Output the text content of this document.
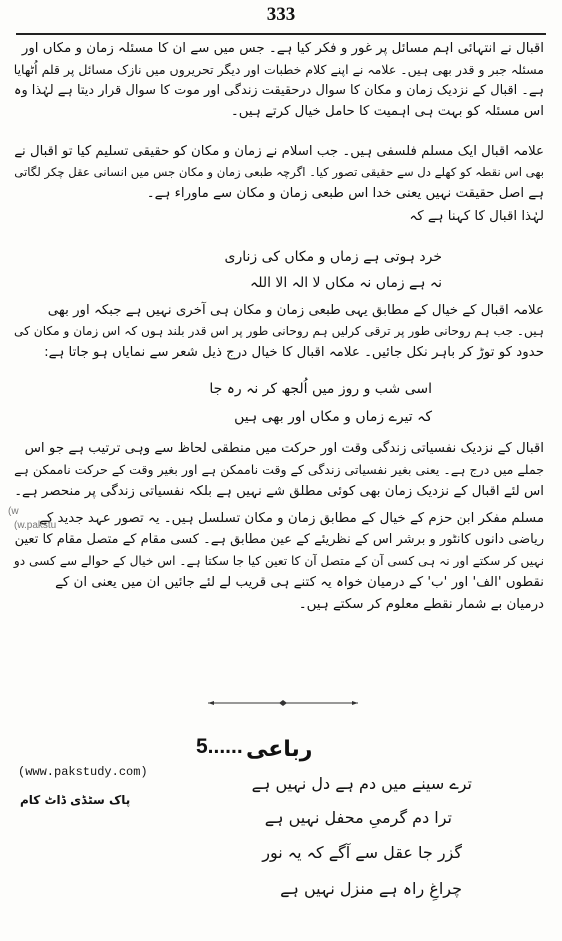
333
اقبال نے انتہائی اہم مسائل پر غور و فکر کیا ہے۔ جس میں سے ان کا مسئلہ زمان و مکاں اور
مسئلہ جبر و قدر بھی ہیں۔ علامہ نے اپنے کلام خطبات اور دیگر تحریروں میں نازک مسائل پر قلم اُٹھایا
ہے۔ اقبال کے نزدیک زمان و مکان کا سوال درحقیقت زندگی اور موت کا سوال قرار دیتا ہے لہٰذا وہ
اس مسئلہ کو بہت ہی اہمیت کا حامل خیال کرتے ہیں۔
علامہ اقبال ایک مسلم فلسفی ہیں۔ جب اسلام نے زمان و مکان کو حقیقی تسلیم کیا تو اقبال نے
بھی اس نقطہ کو کھلے دل سے حقیقی تصور کیا۔ اگرچہ طبعی زمان و مکان جس میں انسانی عقل چکر لگاتی
ہے اصل حقیقت نہیں یعنی خدا اس طبعی زمان و مکان سے ماوراء ہے۔
لہٰذا اقبال کا کہنا ہے کہ
خرد ہوتی ہے زماں و مکاں کی زناری
نہ ہے زماں نہ مکاں لا الہ الا اللہ
علامہ اقبال کے خیال کے مطابق یہی طبعی زمان و مکان ہی آخری نہیں ہے جبکہ اور بھی
ہیں۔ جب ہم روحانی طور پر ترقی کرلیں ہم روحانی طور پر اس قدر بلند ہوں کہ اس زمان و مکان کی
حدود کو توڑ کر باہر نکل جائیں۔ علامہ اقبال کا خیال درج ذیل شعر سے نمایاں ہو جاتا ہے:
اسی شب و روز میں اُلجھ کر نہ رہ جا
کہ تیرے زماں و مکاں اور بھی ہیں
اقبال کے نزدیک نفسیاتی زندگی وقت اور حرکت میں منطقی لحاظ سے وہی ترتیب ہے جو اس
جملے میں درج ہے۔ یعنی بغیر نفسیاتی زندگی کے وقت ناممکن ہے اور بغیر وقت کے حرکت ناممکن ہے
اس لئے اقبال کے نزدیک زمان بھی کوئی مطلق شے نہیں ہے بلکہ نفسیاتی زندگی پر منحصر ہے۔
مسلم مفکر ابن حزم کے خیال کے مطابق زمان و مکان تسلسل ہیں۔ یہ تصور عہد جدید کے
ریاضی دانوں کانٹور و برشر اس کے نظریئے کے عین مطابق ہے۔ کسی مقام کے متصل مقام کا تعین
نہیں کر سکتے اور نہ ہی کسی آن کے متصل آن کا تعین کیا جا سکتا ہے۔ اس خیال کے حوالے سے کسی دو
نقطوں 'الف' اور 'ب' کے درمیان خواہ یہ کتنے ہی قریب لے لئے جائیں ان میں یعنی ان کے
درمیان بے شمار نقطے معلوم کر سکتے ہیں۔
(w
(w.pakstu
رباعی
5......
(www.pakstudy.com)
پاک سٹڈی ڈاٹ کام
ترے سینے میں دم ہے دل نہیں ہے
ترا دم گرمیِ محفل نہیں ہے
گزر جا عقل سے آگے کہ یہ نور
چراغِ راہ ہے منزل نہیں ہے
